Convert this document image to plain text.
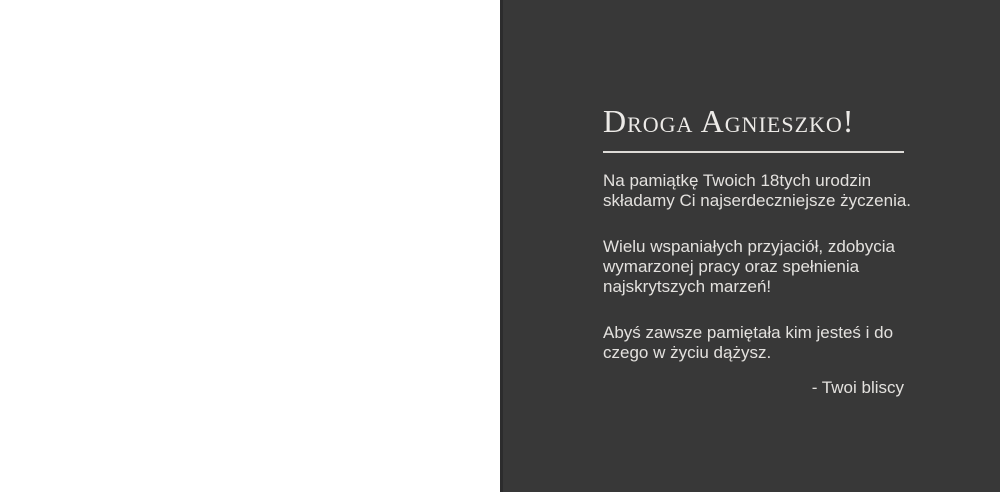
Droga Agnieszko!
Na pamiątkę Twoich 18tych urodzin
składamy Ci najserdeczniejsze życzenia.
Wielu wspaniałych przyjaciół, zdobycia
wymarzonej pracy oraz spełnienia
najskrytszych marzeń!
Abyś zawsze pamiętała kim jesteś i do
czego w życiu dążysz.
- Twoi bliscy
